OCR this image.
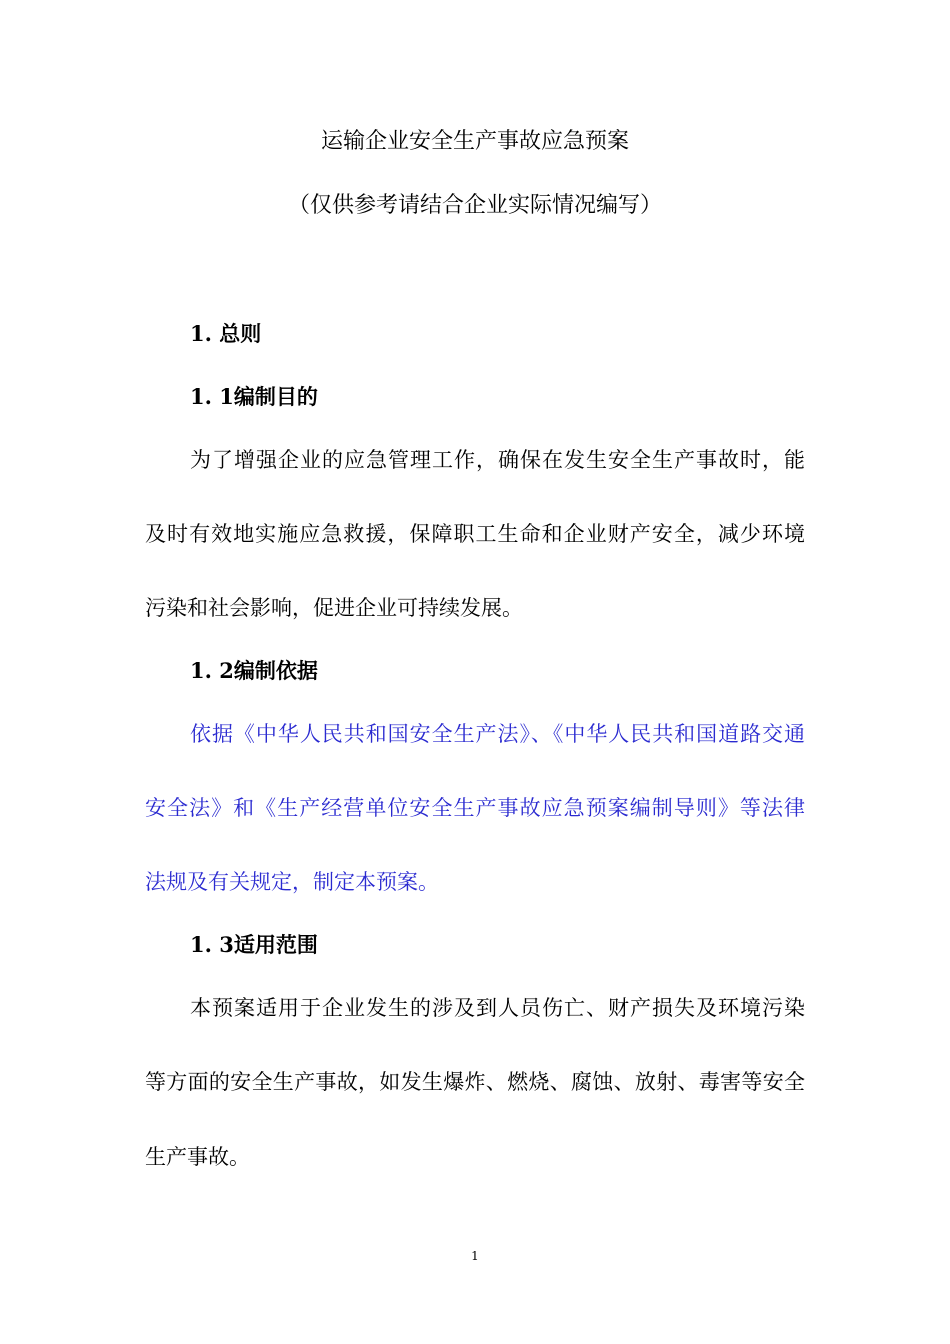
运输企业安全生产事故应急预案
（仅供参考请结合企业实际情况编写）
1. 总则
1. 1编制目的
为了增强企业的应急管理工作，确保在发生安全生产事故时，能
及时有效地实施应急救援，保障职工生命和企业财产安全，减少环境
污染和社会影响，促进企业可持续发展。
1. 2编制依据
依据《中华人民共和国安全生产法》、《中华人民共和国道路交通
安全法》和《生产经营单位安全生产事故应急预案编制导则》等法律
法规及有关规定，制定本预案。
1. 3适用范围
本预案适用于企业发生的涉及到人员伤亡、财产损失及环境污染
等方面的安全生产事故，如发生爆炸、燃烧、腐蚀、放射、毒害等安全
生产事故。
1
